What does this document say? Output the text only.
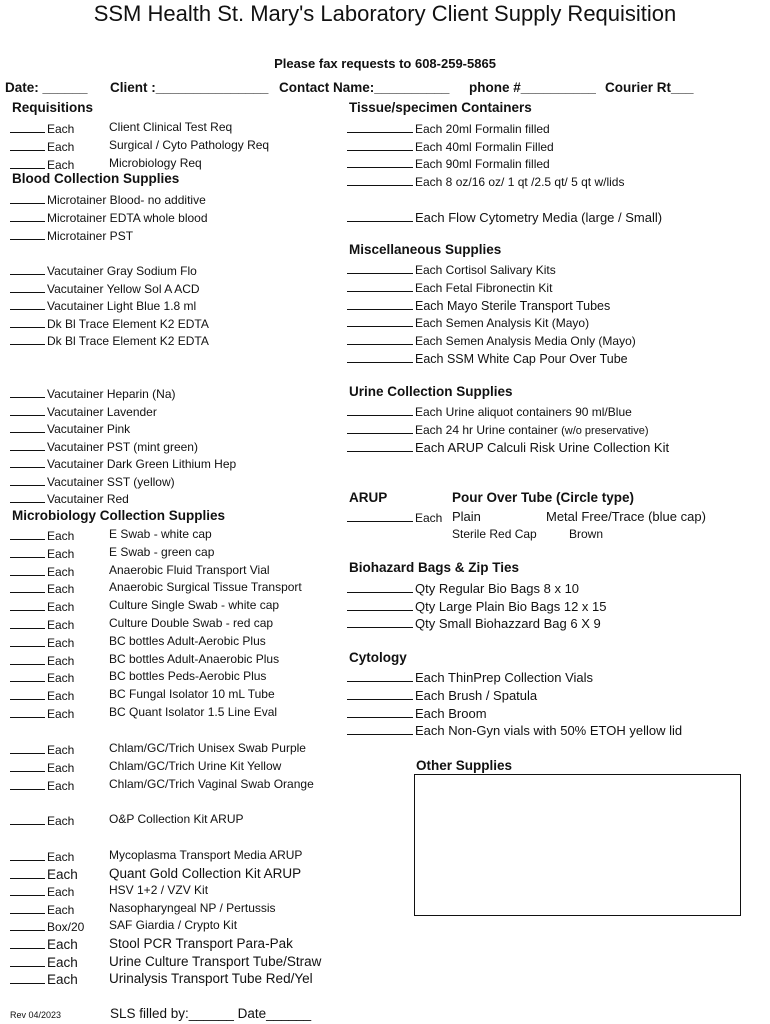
SSM Health St. Mary's Laboratory Client Supply Requisition
Please fax requests to 608-259-5865
Date: ______ Client :_______________ Contact Name:__________ phone #__________ Courier Rt___
Requisitions
Each	Client Clinical Test Req
Each	Surgical / Cyto Pathology Req
Each	Microbiology Req
Blood Collection Supplies
Microtainer Blood- no additive
Microtainer EDTA whole blood
Microtainer PST
Vacutainer Gray Sodium Flo
Vacutainer Yellow Sol A ACD
Vacutainer Light Blue 1.8 ml
Dk Bl Trace Element K2 EDTA
Dk Bl Trace Element K2 EDTA
Vacutainer Heparin (Na)
Vacutainer Lavender
Vacutainer Pink
Vacutainer PST (mint green)
Vacutainer Dark Green Lithium Hep
Vacutainer SST (yellow)
Vacutainer Red
Microbiology Collection Supplies
Each	E Swab - white cap
Each	E Swab - green cap
Each	Anaerobic Fluid Transport Vial
Each	Anaerobic Surgical Tissue Transport
Each	Culture Single Swab - white cap
Each	Culture Double Swab - red cap
Each	BC bottles Adult-Aerobic Plus
Each	BC bottles Adult-Anaerobic Plus
Each	BC bottles Peds-Aerobic Plus
Each	BC Fungal Isolator 10 mL Tube
Each	BC Quant Isolator 1.5 Line Eval
Each	Chlam/GC/Trich Unisex Swab Purple
Each	Chlam/GC/Trich Urine Kit Yellow
Each	Chlam/GC/Trich Vaginal Swab Orange
Each	O&P Collection Kit ARUP
Each	Mycoplasma Transport Media ARUP
Each Quant Gold Collection Kit ARUP
Each	HSV 1+2 / VZV Kit
Each	Nasopharyngeal NP / Pertussis
Box/20 SAF Giardia / Crypto Kit
Each Stool PCR Transport Para-Pak
Each Urine Culture Transport Tube/Straw
Each Urinalysis Transport Tube Red/Yel
Tissue/specimen Containers
Each 20ml Formalin filled
Each 40ml Formalin Filled
Each 90ml Formalin filled
Each 8 oz/16 oz/ 1 qt /2.5 qt/ 5 qt w/lids
Each Flow Cytometry Media (large / Small)
Miscellaneous Supplies
Each Cortisol Salivary Kits
Each Fetal Fibronectin Kit
Each Mayo Sterile Transport Tubes
Each Semen Analysis Kit (Mayo)
Each Semen Analysis Media Only (Mayo)
Each SSM White Cap Pour Over Tube
Urine Collection Supplies
Each Urine aliquot containers 90 ml/Blue
Each 24 hr Urine container (w/o preservative)
Each ARUP Calculi Risk Urine Collection Kit
ARUP	Pour Over Tube (Circle type)
Each Plain	Metal Free/Trace (blue cap)
Sterile Red Cap	Brown
Biohazard Bags & Zip Ties
Qty Regular Bio Bags 8 x 10
Qty Large Plain Bio Bags 12 x 15
Qty Small Biohazzard Bag 6 X 9
Cytology
Each ThinPrep Collection Vials
Each Brush / Spatula
Each Broom
Each Non-Gyn vials with 50% ETOH yellow lid
Other Supplies
Rev 04/2023	SLS filled by:______ Date______
